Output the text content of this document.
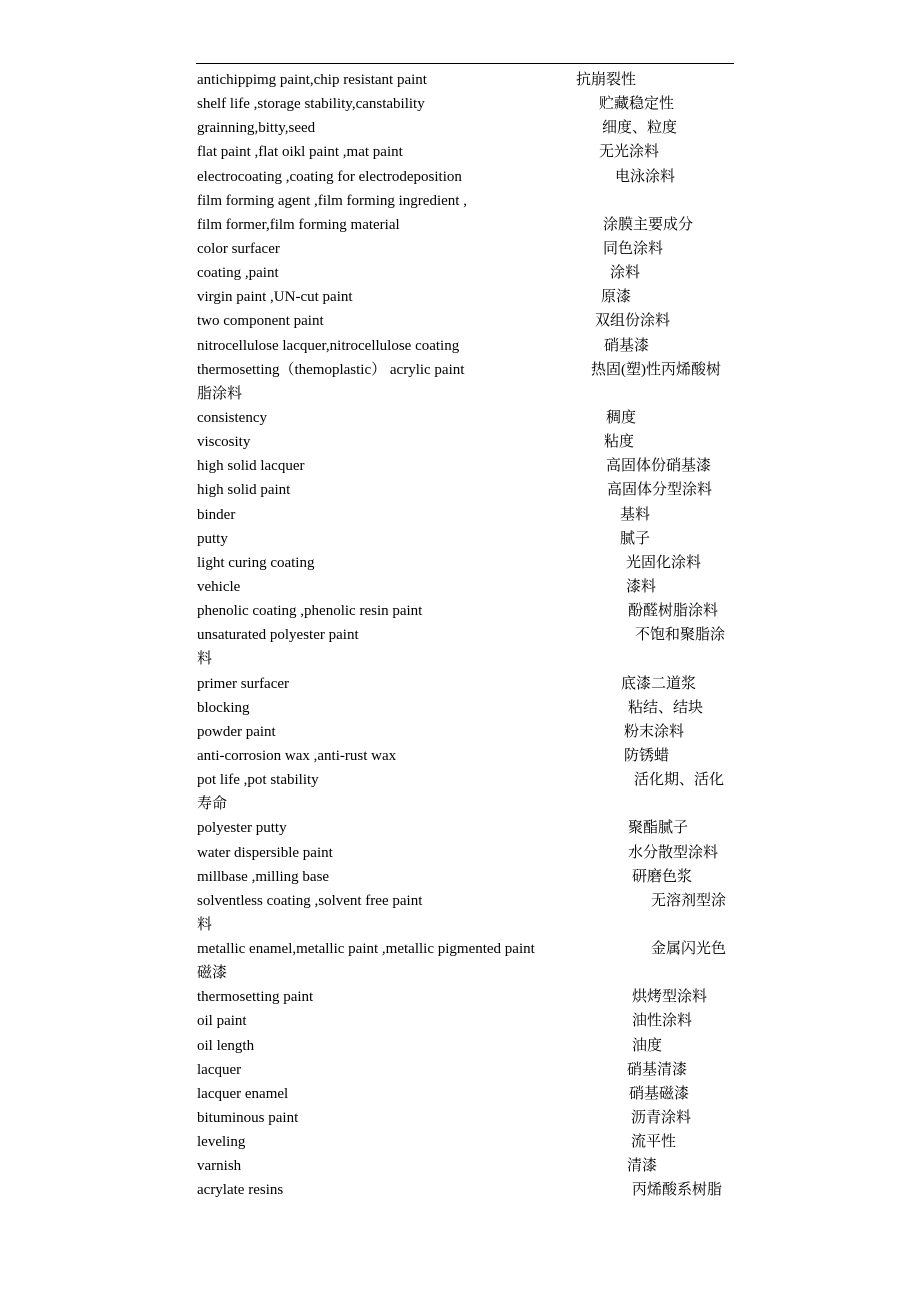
antichippimg paint,chip resistant paint	抗崩裂性
shelf life ,storage stability,canstability	贮藏稳定性
grainning,bitty,seed	细度、粒度
flat paint ,flat oikl paint ,mat paint	无光涂料
electrocoating ,coating for electrodeposition	电泳涂料
film forming agent ,film forming ingredient ,
film former,film forming material	涂膜主要成分
color surfacer	同色涂料
coating ,paint	涂料
virgin paint ,UN-cut paint	原漆
two component paint	双组份涂料
nitrocellulose lacquer,nitrocellulose coating	硝基漆
thermosetting（themoplastic） acrylic paint	热固(塑)性丙烯酸树
脂涂料
consistency	稠度
viscosity	粘度
high solid lacquer	高固体份硝基漆
high solid paint	高固体分型涂料
binder	基料
putty	腻子
light curing coating	光固化涂料
vehicle	漆料
phenolic coating ,phenolic resin paint	酚醛树脂涂料
unsaturated polyester paint	不饱和聚脂涂
料
primer surfacer	底漆二道浆
blocking	粘结、结块
powder paint	粉末涂料
anti-corrosion wax ,anti-rust wax	防锈蜡
pot life ,pot stability	活化期、活化
寿命
polyester putty	聚酯腻子
water dispersible paint	水分散型涂料
millbase ,milling base	研磨色浆
solventless coating ,solvent free paint	无溶剂型涂
料
metallic enamel,metallic paint ,metallic pigmented paint	金属闪光色
磁漆
thermosetting paint	烘烤型涂料
oil paint	油性涂料
oil length	油度
lacquer	硝基清漆
lacquer enamel	硝基磁漆
bituminous paint	沥青涂料
leveling	流平性
varnish	清漆
acrylate resins	丙烯酸系树脂
